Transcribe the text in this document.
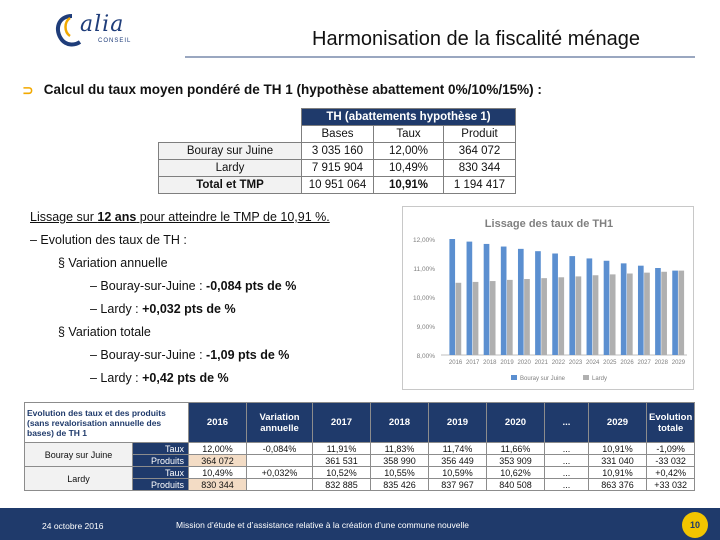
alia
CONSEIL	Harmonisation de la fiscalité ménage
⊃ Calcul du taux moyen pondéré de TH 1 (hypothèse abattement 0%/10%/15%) :
	TH (abattements hypothèse 1)		
	Bases	Taux	Produit
Bouray sur Juine	3 035 160	12,00%	364 072
Lardy	7 915 904	10,49%	830 344
Total et TMP	10 951 064	10,91%	1 194 417
Lissage sur 12 ans pour atteindre le TMP de 10,91 %.
– Evolution des taux de TH :
§ Variation annuelle
– Bouray-sur-Juine : -0,084 pts de %
– Lardy : +0,032 pts de %
§ Variation totale
– Bouray-sur-Juine : -1,09 pts de %
– Lardy : +0,42 pts de %
Lissage des taux de TH1
8,00%
9,00%
10,00%
11,00%
12,00%
2016 2017 2018 2019 2020 2021 2022 2023 2024 2025 2026 2027 2028 2029
Bouray sur Juine	Lardy
Evolution des taux et des produits (sans revalorisation annuelle des bases) de TH 1		2016	Variation annuelle	2017	2018	2019	2020	...	2029	Evolution totale
Bouray sur Juine	Taux	12,00%	-0,084%	11,91%	11,83%	11,74%	11,66%	...	10,91%	-1,09%
	Produits	364 072		361 531	358 990	356 449	353 909	...	331 040	-33 032
Lardy	Taux	10,49%	+0,032%	10,52%	10,55%	10,59%	10,62%	...	10,91%	+0,42%
	Produits	830 344		832 885	835 426	837 967	840 508	...	863 376	+33 032
24 octobre 2016	Mission d’étude et d’assistance relative à la création d’une commune nouvelle	10
